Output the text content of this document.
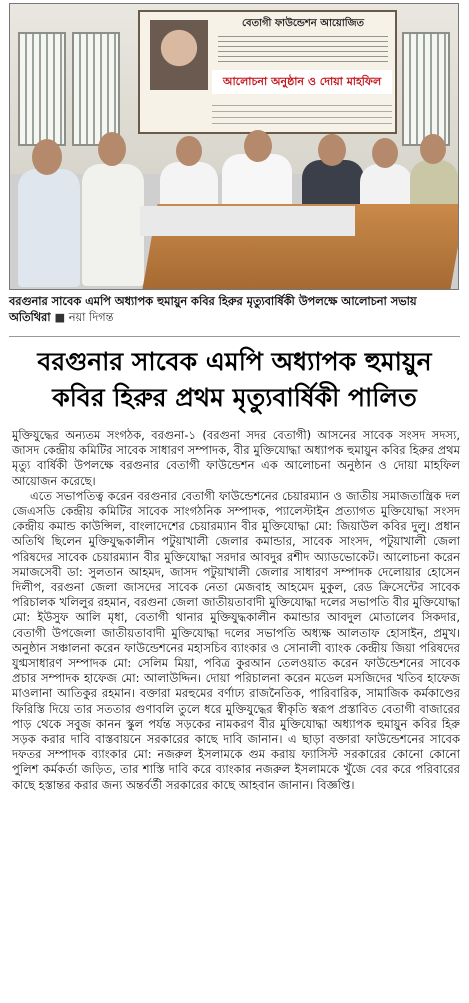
বেতাগী ফাউন্ডেশন আয়োজিত
আলোচনা অনুষ্ঠান ও দোয়া মাহফিল
বরগুনার সাবেক এমপি অধ্যাপক হুমায়ুন কবির হিরুর মৃত্যুবার্ষিকী উপলক্ষে আলোচনা সভায় অতিথিরা ■ নয়া দিগন্ত
বরগুনার সাবেক এমপি অধ্যাপক হুমায়ুন কবির হিরুর প্রথম মৃত্যুবার্ষিকী পালিত

মুক্তিযুদ্ধের অন্যতম সংগঠক, বরগুনা-১ (বরগুনা সদর বেতাগী) আসনের সাবেক সংসদ সদস্য, জাসদ কেন্দ্রীয় কমিটির সাবেক সাধারণ সম্পাদক, বীর মুক্তিযোদ্ধা অধ্যাপক হুমায়ুন কবির হিরুর প্রথম মৃত্যু বার্ষিকী উপলক্ষে বরগুনার বেতাগী ফাউন্ডেশন এক আলোচনা অনুষ্ঠান ও দোয়া মাহফিল আয়োজন করেছে।

এতে সভাপতিত্ব করেন বরগুনার বেতাগী ফাউন্ডেশনের চেয়ারম্যান ও জাতীয় সমাজতান্ত্রিক দল জেএসডি কেন্দ্রীয় কমিটির সাবেক সাংগঠনিক সম্পাদক, প্যালেস্টাইন প্রত্যাগত মুক্তিযোদ্ধা সংসদ কেন্দ্রীয় কমান্ড কাউন্সিল, বাংলাদেশের চেয়ারম্যান বীর মুক্তিযোদ্ধা মো: জিয়াউল কবির দুলু। প্রধান অতিথি ছিলেন মুক্তিযুদ্ধকালীন পটুয়াখালী জেলার কমান্ডার, সাবেক সাংসদ, পটুয়াখালী জেলা পরিষদের সাবেক চেয়ারম্যান বীর মুক্তিযোদ্ধা সরদার আবদুর রশীদ অ্যাডভোকেট। আলোচনা করেন সমাজসেবী ডা: সুলতান আহমদ, জাসদ পটুয়াখালী জেলার সাধারণ সম্পাদক দেলোয়ার হোসেন দিলীপ, বরগুনা জেলা জাসদের সাবেক নেতা মেজবাহ আহমেদ মুকুল, রেড ক্রিসেন্টের সাবেক পরিচালক খলিলুর রহমান, বরগুনা জেলা জাতীয়তাবাদী মুক্তিযোদ্ধা দলের সভাপতি বীর মুক্তিযোদ্ধা মো: ইউসুফ আলি মৃধা, বেতাগী থানার মুক্তিযুদ্ধকালীন কমান্ডার আবদুল মোতালেব সিকদার, বেতাগী উপজেলা জাতীয়তাবাদী মুক্তিযোদ্ধা দলের সভাপতি অধ্যক্ষ আলতাফ হোসাইন, প্রমুখ। অনুষ্ঠান সঞ্চালনা করেন ফাউন্ডেশনের মহাসচিব ব্যাংকার ও সোনালী ব্যাংক কেন্দ্রীয় জিয়া পরিষদের যুগ্মসাধারণ সম্পাদক মো: সেলিম মিয়া, পবিত্র কুরআন তেলওয়াত করেন ফাউন্ডেশনের সাবেক প্রচার সম্পাদক হাফেজ মো: আলাউদ্দিন। দোয়া পরিচালনা করেন মডেল মসজিদের খতিব হাফেজ মাওলানা আতিকুর রহমান। বক্তারা মরহুমের বর্ণাঢ্য রাজনৈতিক, পারিবারিক, সামাজিক কর্মকাণ্ডের ফিরিস্তি দিয়ে তার সততার গুণাবলি তুলে ধরে মুক্তিযুদ্ধের স্বীকৃতি স্বরূপ প্রস্তাবিত বেতাগী বাজারের পাড় থেকে সবুজ কানন স্কুল পর্যন্ত সড়কের নামকরণ বীর মুক্তিযোদ্ধা অধ্যাপক হুমায়ুন কবির হিরু সড়ক করার দাবি বাস্তবায়নে সরকারের কাছে দাবি জানান। এ ছাড়া বক্তারা ফাউন্ডেশনের সাবেক দফতর সম্পাদক ব্যাংকার মো: নজরুল ইসলামকে গুম করায় ফ্যাসিস্ট সরকারের কোনো কোনো পুলিশ কর্মকর্তা জড়িত, তার শাস্তি দাবি করে ব্যাংকার নজরুল ইসলামকে খুঁজে বের করে পরিবারের কাছে হস্তান্তর করার জন্য অন্তর্বর্তী সরকারের কাছে আহবান জানান। বিজ্ঞপ্তি।
